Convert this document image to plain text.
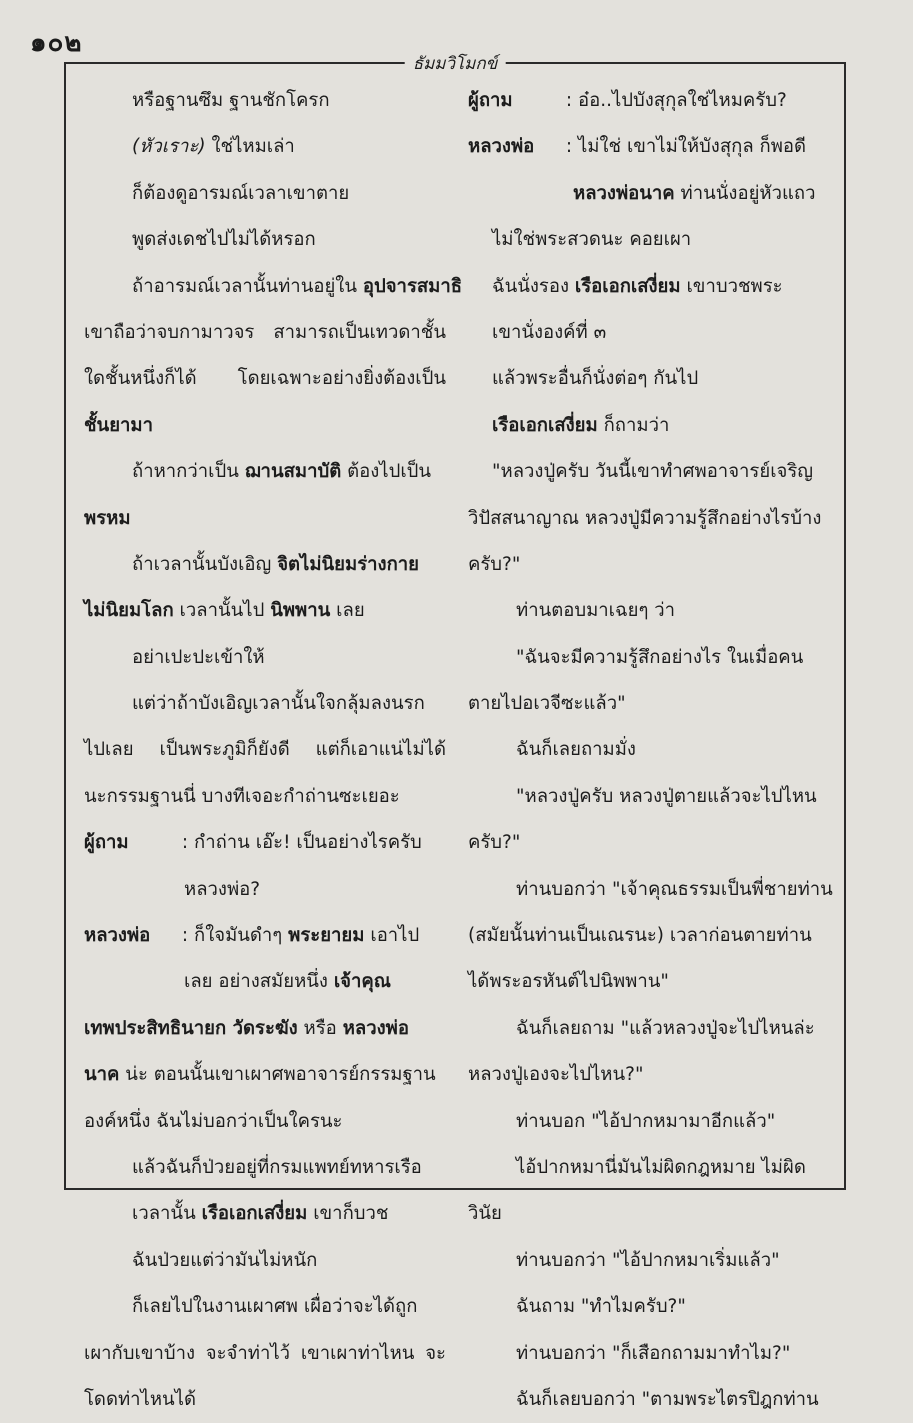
๑๐๒
ธัมมวิโมกข์
หรือฐานซึม ฐานชักโครก
(หัวเราะ) ใช่ไหมเล่า
ก็ต้องดูอารมณ์เวลาเขาตาย
พูดส่งเดชไปไม่ได้หรอก
ถ้าอารมณ์เวลานั้นท่านอยู่ใน อุปจารสมาธิ
เขาถือว่าจบกามาวจร สามารถเป็นเทวดาชั้น
ใดชั้นหนึ่งก็ได้ โดยเฉพาะอย่างยิ่งต้องเป็น
ชั้นยามา
ถ้าหากว่าเป็น ฌานสมาบัติ ต้องไปเป็น
พรหม
ถ้าเวลานั้นบังเอิญ จิตไม่นิยมร่างกาย
ไม่นิยมโลก เวลานั้นไป นิพพาน เลย
อย่าเปะปะเข้าให้
แต่ว่าถ้าบังเอิญเวลานั้นใจกลุ้มลงนรก
ไปเลย เป็นพระภูมิก็ยังดี แต่ก็เอาแน่ไม่ได้
นะกรรมฐานนี่ บางทีเจอะกำถ่านซะเยอะ
ผู้ถาม	: กำถ่าน เอ๊ะ! เป็นอย่างไรครับ
หลวงพ่อ?
หลวงพ่อ : ก็ใจมันดำๆ พระยายม เอาไป
เลย อย่างสมัยหนึ่ง เจ้าคุณ
เทพประสิทธินายก วัดระฆัง หรือ หลวงพ่อ
นาค น่ะ ตอนนั้นเขาเผาศพอาจารย์กรรมฐาน
องค์หนึ่ง ฉันไม่บอกว่าเป็นใครนะ
แล้วฉันก็ป่วยอยู่ที่กรมแพทย์ทหารเรือ
เวลานั้น เรือเอกเสงี่ยม เขาก็บวช
ฉันป่วยแต่ว่ามันไม่หนัก
ก็เลยไปในงานเผาศพ เผื่อว่าจะได้ถูก
เผากับเขาบ้าง จะจำท่าไว้ เขาเผาท่าไหน จะ
โดดท่าไหนได้
ผู้ถาม	: อ๋อ..ไปบังสุกุลใช่ไหมครับ?
หลวงพ่อ : ไม่ใช่ เขาไม่ให้บังสุกุล ก็พอดี
หลวงพ่อนาค ท่านนั่งอยู่หัวแถว
ไม่ใช่พระสวดนะ คอยเผา
ฉันนั่งรอง เรือเอกเสงี่ยม เขาบวชพระ
เขานั่งองค์ที่ ๓
แล้วพระอื่นก็นั่งต่อๆ กันไป
เรือเอกเสงี่ยม ก็ถามว่า
"หลวงปู่ครับ วันนี้เขาทำศพอาจารย์เจริญ
วิปัสสนาญาณ หลวงปู่มีความรู้สึกอย่างไรบ้าง
ครับ?"
ท่านตอบมาเฉยๆ ว่า
"ฉันจะมีความรู้สึกอย่างไร ในเมื่อคน
ตายไปอเวจีซะแล้ว"
ฉันก็เลยถามมั่ง
"หลวงปู่ครับ หลวงปู่ตายแล้วจะไปไหน
ครับ?"
ท่านบอกว่า "เจ้าคุณธรรมเป็นพี่ชายท่าน
(สมัยนั้นท่านเป็นเณรนะ) เวลาก่อนตายท่าน
ได้พระอรหันต์ไปนิพพาน"
ฉันก็เลยถาม "แล้วหลวงปู่จะไปไหนล่ะ
หลวงปู่เองจะไปไหน?"
ท่านบอก "ไอ้ปากหมามาอีกแล้ว"
ไอ้ปากหมานี่มันไม่ผิดกฎหมาย ไม่ผิด
วินัย
ท่านบอกว่า "ไอ้ปากหมาเริ่มแล้ว"
ฉันถาม "ทำไมครับ?"
ท่านบอกว่า "ก็เสือกถามมาทำไม?"
ฉันก็เลยบอกว่า "ตามพระไตรปิฎกท่าน
